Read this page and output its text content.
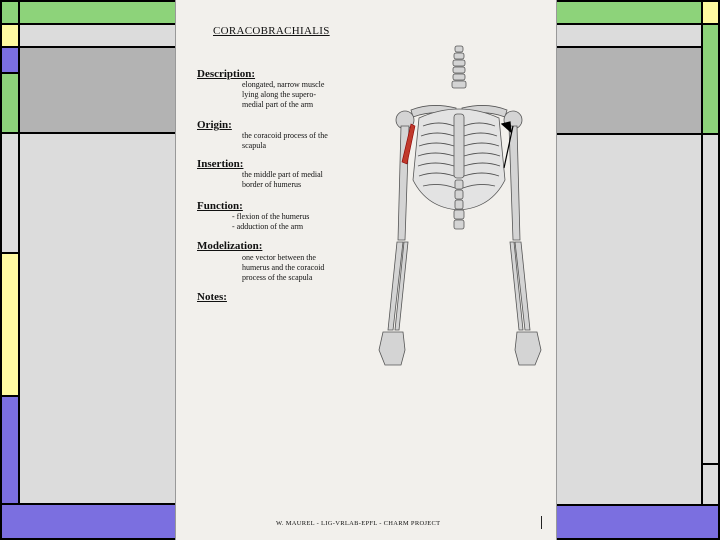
CORACOBRACHIALIS
Description:
elongated, narrow muscle
lying along the supero-
medial part of the arm
Origin:
the coracoid process of the
scapula
Insertion:
the middle part of medial
border of humerus
Function:
- flexion of the humerus
- adduction of the arm
Modelization:
one vector between the
humerus and the coracoid
process of the scapula
Notes:
W. MAUREL - LIG-VRLAB-EPFL - CHARM PROJECT
